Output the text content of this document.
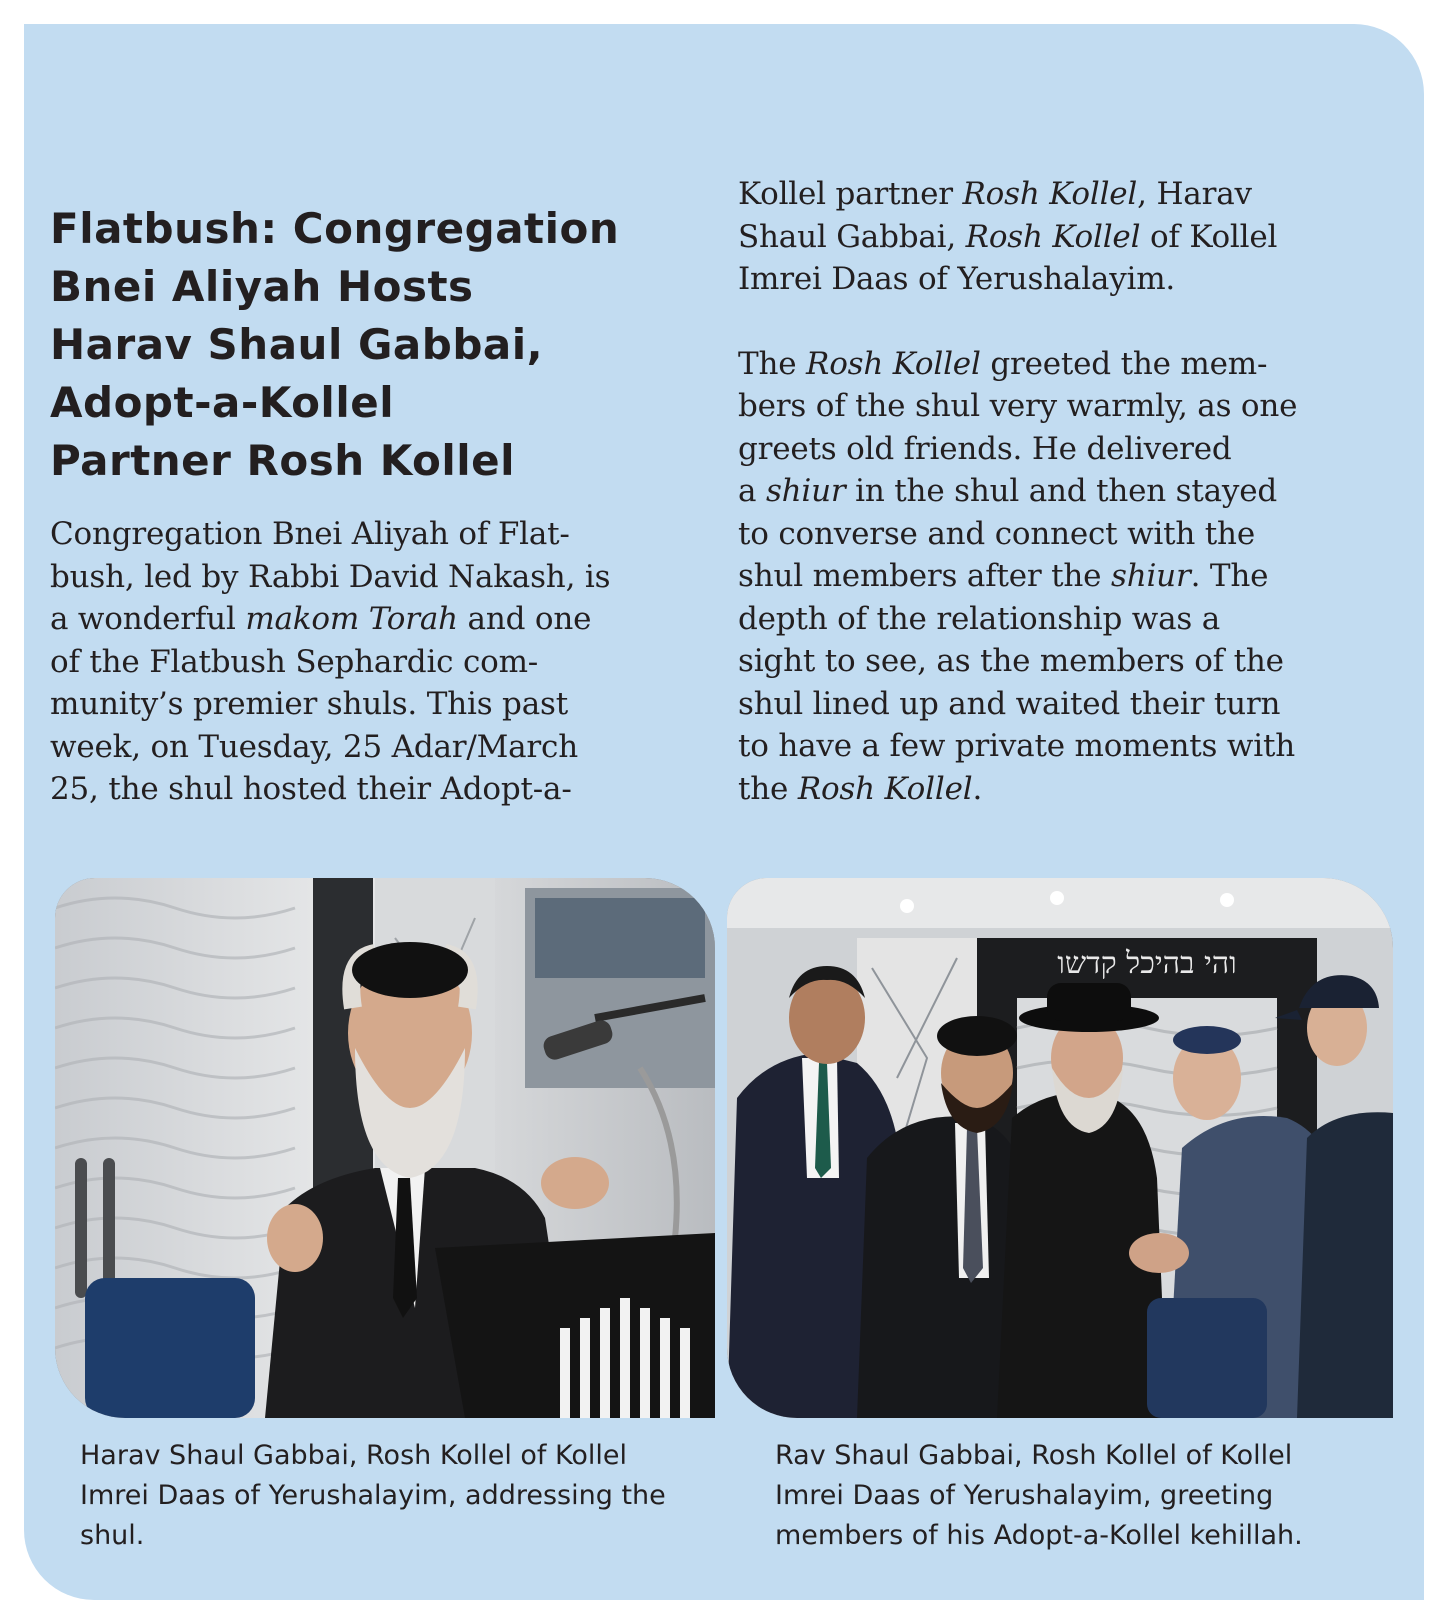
Flatbush: Congregation
Bnei Aliyah Hosts
Harav Shaul Gabbai,
Adopt-a-Kollel
Partner Rosh Kollel
Congregation Bnei Aliyah of Flat-
bush, led by Rabbi David Nakash, is
a wonderful makom Torah and one
of the Flatbush Sephardic com-
munity’s premier shuls. This past
week, on Tuesday, 25 Adar/March
25, the shul hosted their Adopt-a-
Kollel partner Rosh Kollel, Harav
Shaul Gabbai, Rosh Kollel of Kollel
Imrei Daas of Yerushalayim.
The Rosh Kollel greeted the mem-
bers of the shul very warmly, as one
greets old friends. He delivered
a shiur in the shul and then stayed
to converse and connect with the
shul members after the shiur. The
depth of the relationship was a
sight to see, as the members of the
shul lined up and waited their turn
to have a few private moments with
the Rosh Kollel.
והי בהיכל קדשו
Harav Shaul Gabbai, Rosh Kollel of Kollel
Imrei Daas of Yerushalayim, addressing the
shul.
Rav Shaul Gabbai, Rosh Kollel of Kollel
Imrei Daas of Yerushalayim, greeting
members of his Adopt-a-Kollel kehillah.
